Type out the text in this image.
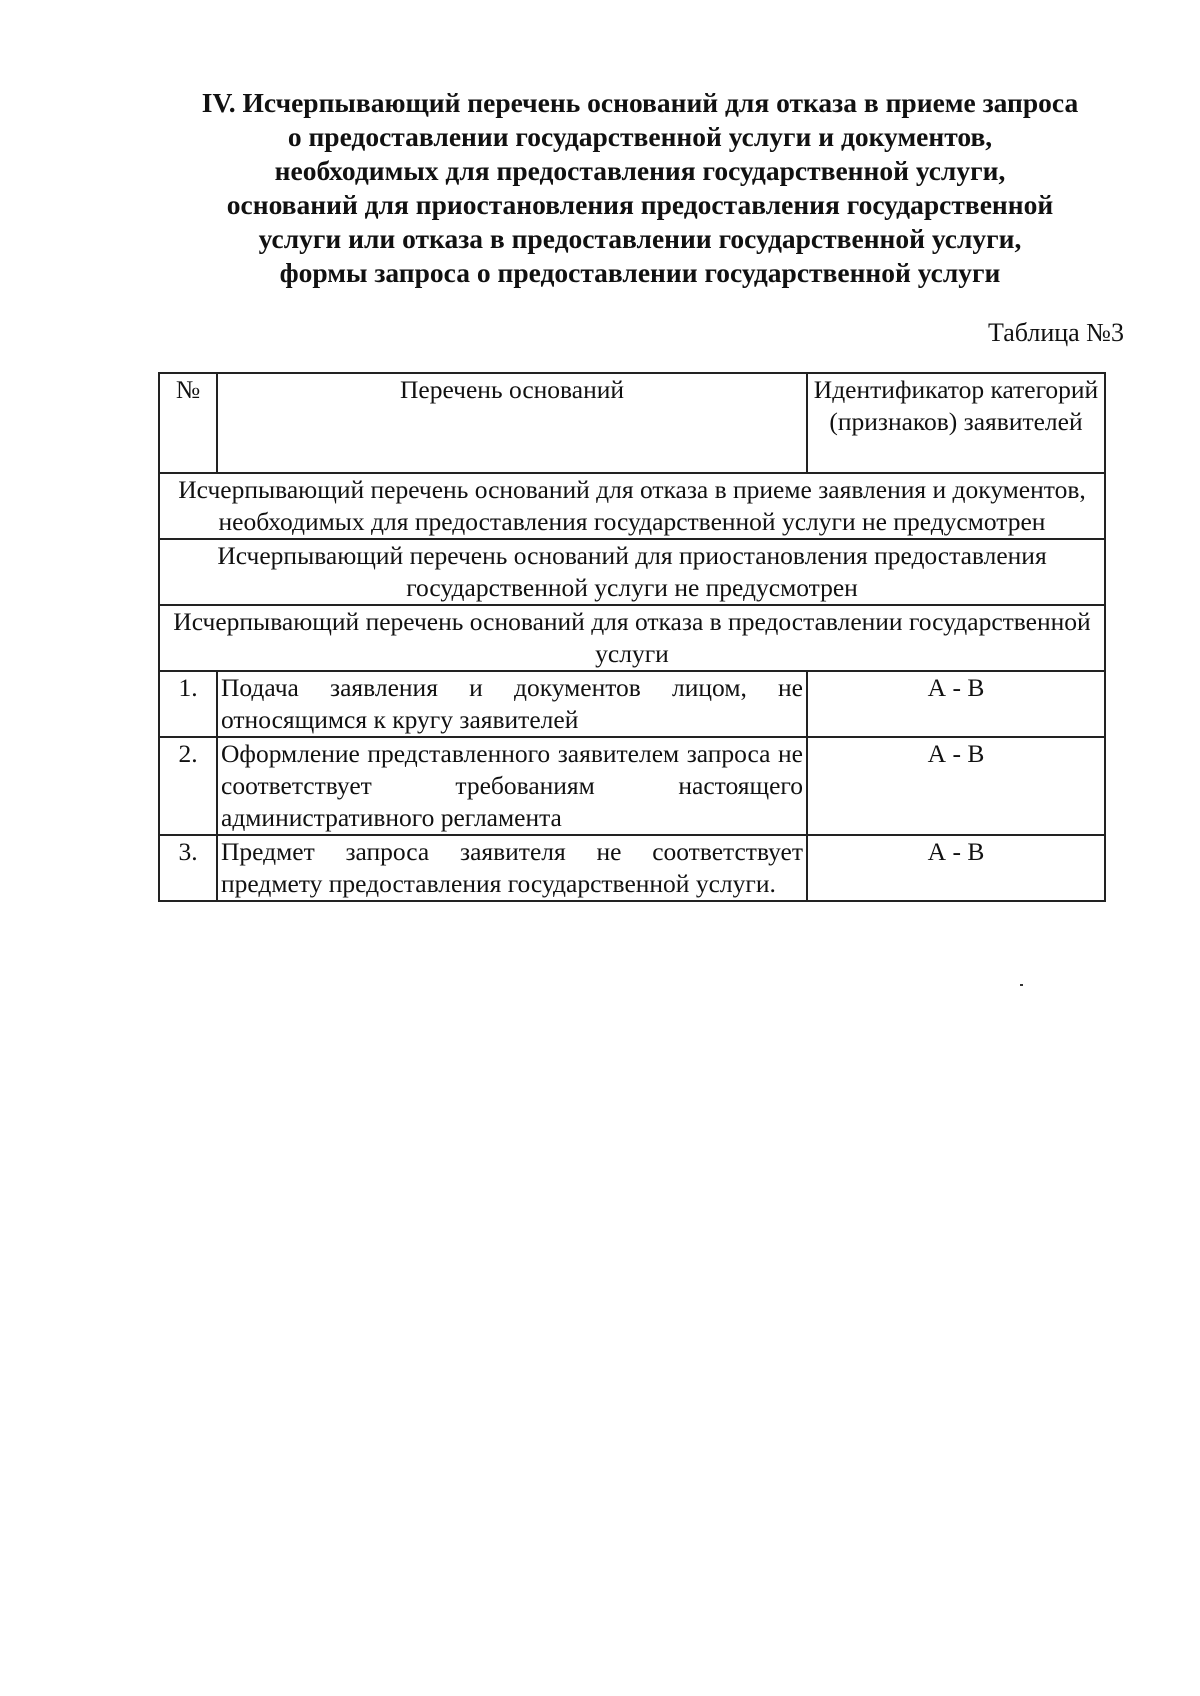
IV. Исчерпывающий перечень оснований для отказа в приеме запроса
о предоставлении государственной услуги и документов,
необходимых для предоставления государственной услуги,
оснований для приостановления предоставления государственной
услуги или отказа в предоставлении государственной услуги,
формы запроса о предоставлении государственной услуги
Таблица №3
№	Перечень оснований	Идентификатор категорий (признаков) заявителей
Исчерпывающий перечень оснований для отказа в приеме заявления и документов, необходимых для предоставления государственной услуги не предусмотрен		
Исчерпывающий перечень оснований для приостановления предоставления государственной услуги не предусмотрен		
Исчерпывающий перечень оснований для отказа в предоставлении государственной услуги		
1.	Подача заявления и документов лицом, не относящимся к кругу заявителей	А - В
2.	Оформление представленного заявителем запроса не соответствует требованиям настоящего административного регламента	А - В
3.	Предмет запроса заявителя не соответствует предмету предоставления государственной услуги.	А - В
